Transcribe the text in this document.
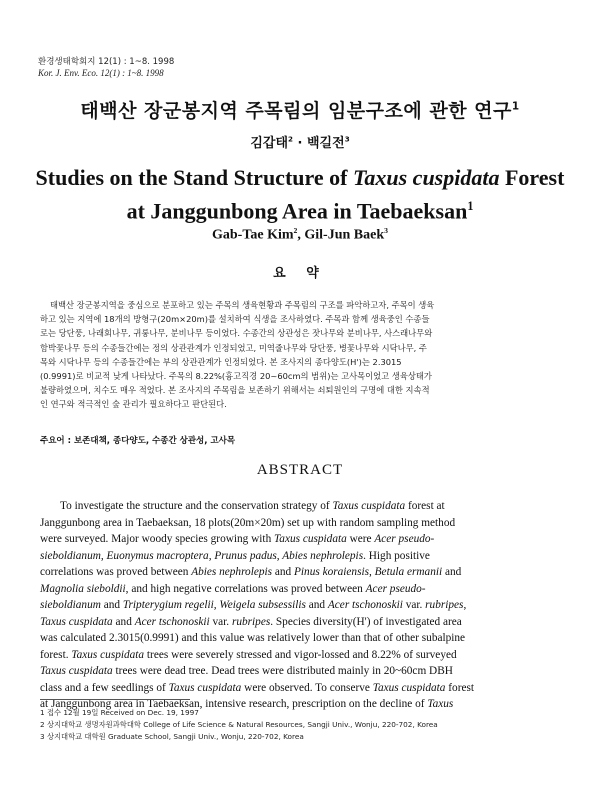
환경생태학회지 12(1) : 1~8. 1998
Kor. J. Env. Eco. 12(1) : 1~8. 1998
태백산 장군봉지역 주목림의 임분구조에 관한 연구$^1$
김갑태$^2$ · 백길전$^3$
Studies on the Stand Structure of Taxus cuspidata Forest
at Janggunbong Area in Taebaeksan$^1$
Gab-Tae Kim$^2$, Gil-Jun Baek$^3$
요 약
태백산 장군봉지역을 중심으로 분포하고 있는 주목의 생육현황과 주목림의 구조를 파악하고자, 주목이 생육
하고 있는 지역에 18개의 방형구(20m×20m)를 설치하여 식생을 조사하였다. 주목과 함께 생육중인 수종들
로는 당단풍, 나래회나무, 귀룽나무, 분비나무 등이었다. 수종간의 상관성은 잣나무와 분비나무, 사스래나무와
함박꽃나무 등의 수종들간에는 정의 상관관계가 인정되었고, 미역줄나무와 당단풍, 병꽃나무와 시닥나무, 주
목와 시닥나무 등의 수종들간에는 부의 상관관계가 인정되었다. 본 조사지의 종다양도(H')는 2.3015
(0.9991)로 비교적 낮게 나타났다. 주목의 8.22%(흉고직경 20~60cm의 범위)는 고사목이었고 생육상태가
불량하였으며, 치수도 매우 적었다. 본 조사지의 주목림을 보존하기 위해서는 쇠퇴원인의 구명에 대한 지속적
인 연구와 적극적인 숲 관리가 필요하다고 판단된다.
주요어 : 보존대책, 종다양도, 수종간 상관성, 고사목
ABSTRACT
To investigate the structure and the conservation strategy of Taxus cuspidata forest at
Janggunbong area in Taebaeksan, 18 plots(20m×20m) set up with random sampling method
were surveyed. Major woody species growing with Taxus cuspidata were Acer pseudo-
sieboldianum, Euonymus macroptera, Prunus padus, Abies nephrolepis. High positive
correlations was proved between Abies nephrolepis and Pinus koraiensis, Betula ermanii and
Magnolia sieboldii, and high negative correlations was proved between Acer pseudo-
sieboldianum and Tripterygium regelii, Weigela subsessilis and Acer tschonoskii var. rubripes,
Taxus cuspidata and Acer tschonoskii var. rubripes. Species diversity(H') of investigated area
was calculated 2.3015(0.9991) and this value was relatively lower than that of other subalpine
forest. Taxus cuspidata trees were severely stressed and vigor-lossed and 8.22% of surveyed
Taxus cuspidata trees were dead tree. Dead trees were distributed mainly in 20~60cm DBH
class and a few seedlings of Taxus cuspidata were observed. To conserve Taxus cuspidata forest
at Janggunbong area in Taebaeksan, intensive research, prescription on the decline of Taxus
1 접수 12월 19일 Received on Dec. 19, 1997
2 상지대학교 생명자원과학대학 College of Life Science & Natural Resources, Sangji Univ., Wonju, 220-702, Korea
3 상지대학교 대학원 Graduate School, Sangji Univ., Wonju, 220-702, Korea
